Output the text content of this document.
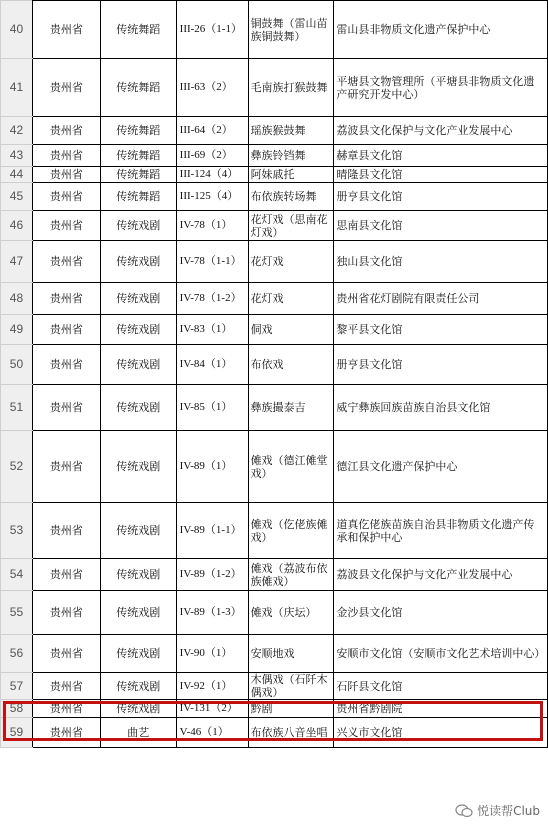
40	贵州省	传统舞蹈	III-26（1-1）	铜鼓舞（雷山苗族铜鼓舞）	雷山县非物质文化遗产保护中心
41	贵州省	传统舞蹈	III-63（2）	毛南族打猴鼓舞	平塘县文物管理所（平塘县非物质文化遗产研究开发中心）
42	贵州省	传统舞蹈	III-64（2）	瑶族猴鼓舞	荔波县文化保护与文化产业发展中心
43	贵州省	传统舞蹈	III-69（2）	彝族铃铛舞	赫章县文化馆
44	贵州省	传统舞蹈	III-124（4）	阿妹戚托	晴隆县文化馆
45	贵州省	传统舞蹈	III-125（4）	布依族转场舞	册亨县文化馆
46	贵州省	传统戏剧	IV-78（1）	花灯戏（思南花灯戏）	思南县文化馆
47	贵州省	传统戏剧	IV-78（1-1）	花灯戏	独山县文化馆
48	贵州省	传统戏剧	IV-78（1-2）	花灯戏	贵州省花灯剧院有限责任公司
49	贵州省	传统戏剧	IV-83（1）	侗戏	黎平县文化馆
50	贵州省	传统戏剧	IV-84（1）	布依戏	册亨县文化馆
51	贵州省	传统戏剧	IV-85（1）	彝族撮泰吉	威宁彝族回族苗族自治县文化馆
52	贵州省	传统戏剧	IV-89（1）	傩戏（德江傩堂戏）	德江县文化遗产保护中心
53	贵州省	传统戏剧	IV-89（1-1）	傩戏（仡佬族傩戏）	道真仡佬族苗族自治县非物质文化遗产传承和保护中心
54	贵州省	传统戏剧	IV-89（1-2）	傩戏（荔波布依族傩戏）	荔波县文化保护与文化产业发展中心
55	贵州省	传统戏剧	IV-89（1-3）	傩戏（庆坛）	金沙县文化馆
56	贵州省	传统戏剧	IV-90（1）	安顺地戏	安顺市文化馆（安顺市文化艺术培训中心）
57	贵州省	传统戏剧	IV-92（1）	木偶戏（石阡木偶戏）	石阡县文化馆
58	贵州省	传统戏剧	IV-131（2）	黔剧	贵州省黔剧院
59	贵州省	曲艺	V-46（1）	布依族八音坐唱	兴义市文化馆
悦读帮Club
